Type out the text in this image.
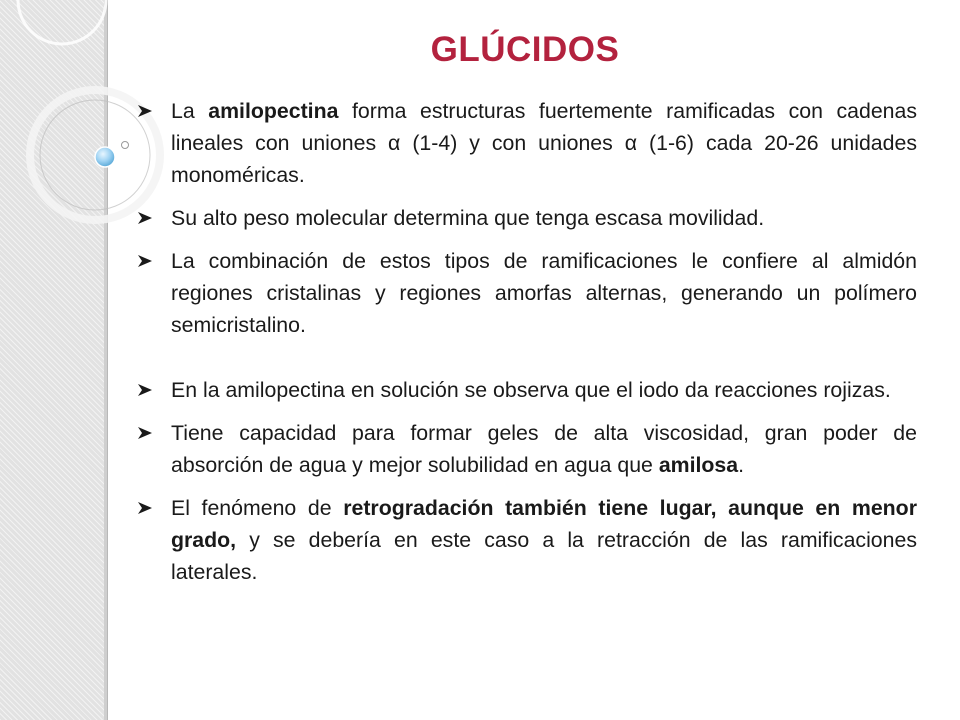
GLÚCIDOS
La amilopectina forma estructuras fuertemente ramificadas con cadenas lineales con uniones α (1-4) y con uniones α (1-6) cada 20-26 unidades monoméricas.
Su alto peso molecular determina que tenga escasa movilidad.
La combinación de estos tipos de ramificaciones le confiere al almidón regiones cristalinas y regiones amorfas alternas, generando un polímero semicristalino.
En la amilopectina en solución se observa que el iodo da reacciones rojizas.
Tiene capacidad para formar geles de alta viscosidad, gran poder de absorción de agua y mejor solubilidad en agua que amilosa.
El fenómeno de retrogradación también tiene lugar, aunque en menor grado, y se debería en este caso a la retracción de las ramificaciones laterales.
